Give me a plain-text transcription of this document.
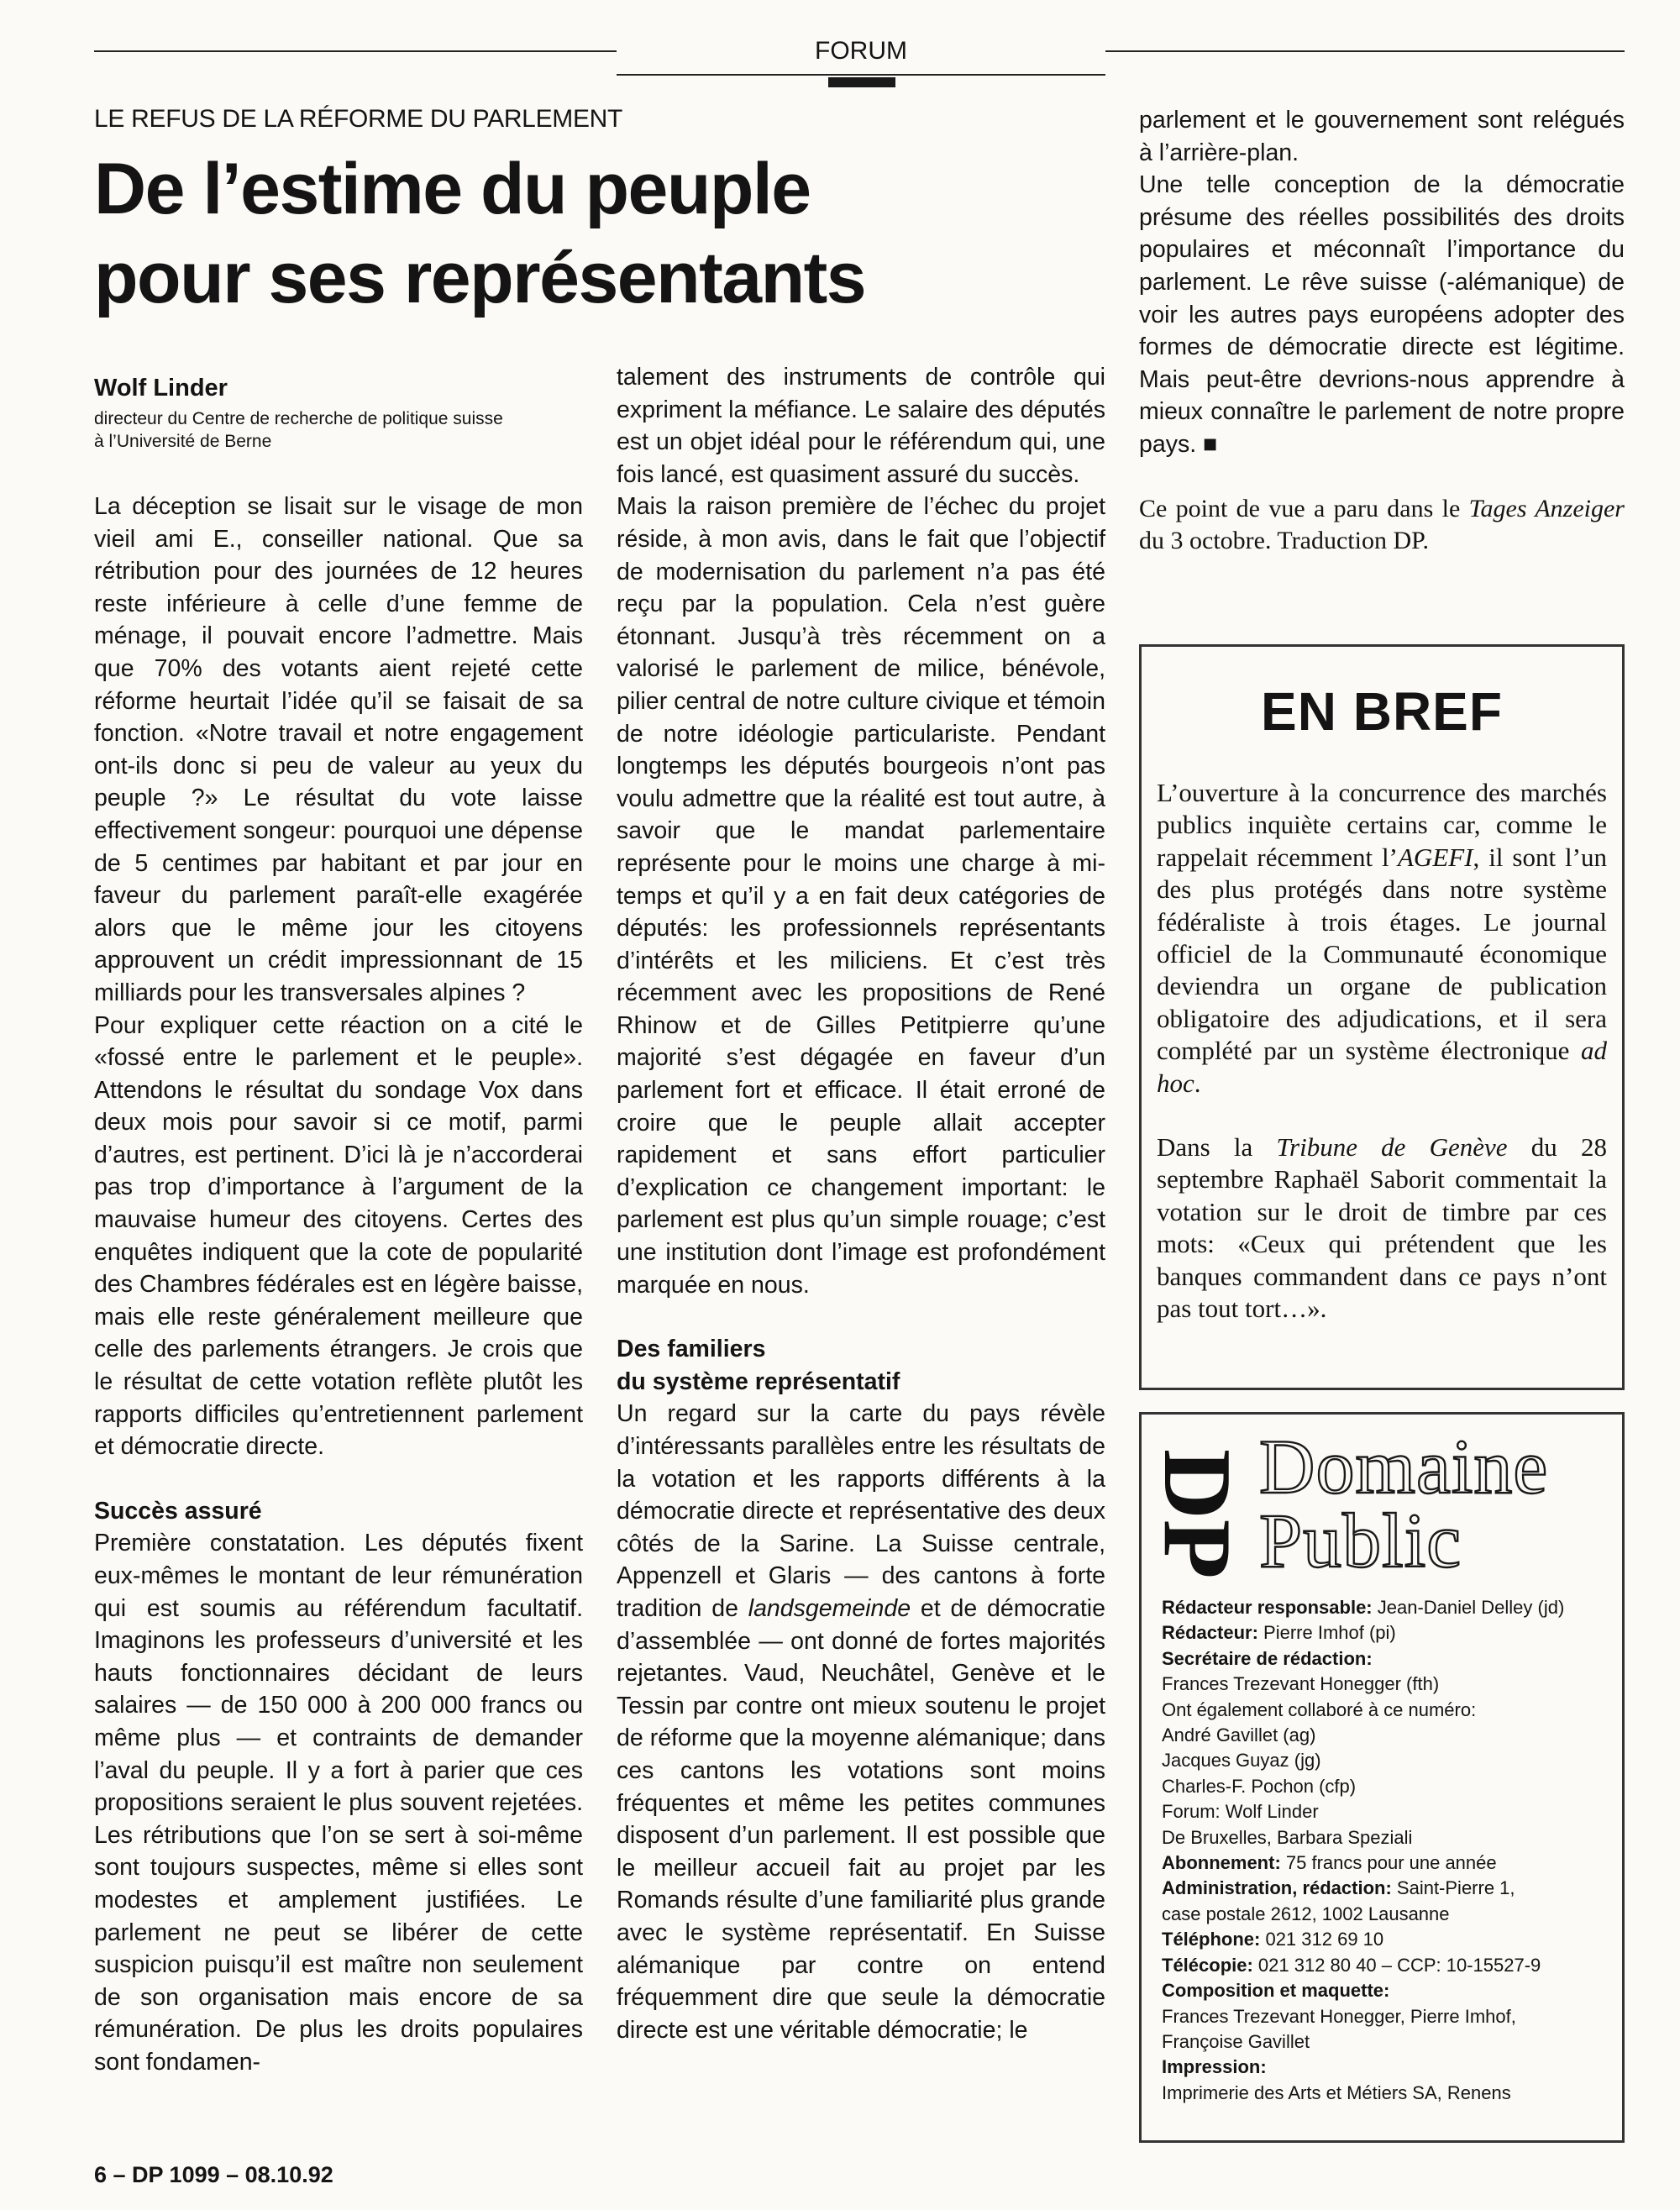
FORUM
LE REFUS DE LA RÉFORME DU PARLEMENT
De l’estime du peuple
pour ses représentants
Wolf Linder
directeur du Centre de recherche de politique suisse
à l’Université de Berne

La déception se lisait sur le visage de mon vieil ami E., conseiller national. Que sa rétribution pour des journées de 12 heures reste inférieure à celle d’une femme de ménage, il pouvait encore l’admettre. Mais que 70% des votants aient rejeté cette réforme heurtait l’idée qu’il se faisait de sa fonction. «Notre travail et notre engagement ont-ils donc si peu de valeur au yeux du peuple ?» Le résultat du vote laisse effectivement songeur: pourquoi une dépense de 5 centimes par habitant et par jour en faveur du parlement paraît-elle exagérée alors que le même jour les citoyens approuvent un crédit impressionnant de 15 milliards pour les transversales alpines ?

Pour expliquer cette réaction on a cité le «fossé entre le parlement et le peuple». Attendons le résultat du sondage Vox dans deux mois pour savoir si ce motif, parmi d’autres, est pertinent. D’ici là je n’accorderai pas trop d’importance à l’argument de la mauvaise humeur des citoyens. Certes des enquêtes indiquent que la cote de popularité des Chambres fédérales est en légère baisse, mais elle reste généralement meilleure que celle des parlements étrangers. Je crois que le résultat de cette votation reflète plutôt les rapports difficiles qu’entretiennent parlement et démocratie directe.

Succès assuré

Première constatation. Les députés fixent eux-mêmes le montant de leur rémunération qui est soumis au référendum facultatif. Imaginons les professeurs d’université et les hauts fonctionnaires décidant de leurs salaires — de 150 000 à 200 000 francs ou même plus — et contraints de demander l’aval du peuple. Il y a fort à parier que ces propositions seraient le plus souvent rejetées. Les rétributions que l’on se sert à soi-même sont toujours suspectes, même si elles sont modestes et amplement justifiées. Le parlement ne peut se libérer de cette suspicion puisqu’il est maître non seulement de son organisation mais encore de sa rémunération. De plus les droits populaires sont fondamen-

talement des instruments de contrôle qui expriment la méfiance. Le salaire des députés est un objet idéal pour le référendum qui, une fois lancé, est quasiment assuré du succès.

Mais la raison première de l’échec du projet réside, à mon avis, dans le fait que l’objectif de modernisation du parlement n’a pas été reçu par la population. Cela n’est guère étonnant. Jusqu’à très récemment on a valorisé le parlement de milice, bénévole, pilier central de notre culture civique et témoin de notre idéologie particulariste. Pendant longtemps les députés bourgeois n’ont pas voulu admettre que la réalité est tout autre, à savoir que le mandat parlementaire représente pour le moins une charge à mi-temps et qu’il y a en fait deux catégories de députés: les professionnels représentants d’intérêts et les miliciens. Et c’est très récemment avec les propositions de René Rhinow et de Gilles Petitpierre qu’une majorité s’est dégagée en faveur d’un parlement fort et efficace. Il était erroné de croire que le peuple allait accepter rapidement et sans effort particulier d’explication ce changement important: le parlement est plus qu’un simple rouage; c’est une institution dont l’image est profondément marquée en nous.

Des familiers
du système représentatif

Un regard sur la carte du pays révèle d’intéressants parallèles entre les résultats de la votation et les rapports différents à la démocratie directe et représentative des deux côtés de la Sarine. La Suisse centrale, Appenzell et Glaris — des cantons à forte tradition de landsgemeinde et de démocratie d’assemblée — ont donné de fortes majorités rejetantes. Vaud, Neuchâtel, Genève et le Tessin par contre ont mieux soutenu le projet de réforme que la moyenne alémanique; dans ces cantons les votations sont moins fréquentes et même les petites communes disposent d’un parlement. Il est possible que le meilleur accueil fait au projet par les Romands résulte d’une familiarité plus grande avec le système représentatif. En Suisse alémanique par contre on entend fréquemment dire que seule la démocratie directe est une véritable démocratie; le

parlement et le gouvernement sont relégués à l’arrière-plan.

Une telle conception de la démocratie présume des réelles possibilités des droits populaires et méconnaît l’importance du parlement. Le rêve suisse (-alémanique) de voir les autres pays européens adopter des formes de démocratie directe est légitime. Mais peut-être devrions-nous apprendre à mieux connaître le parlement de notre propre pays. ■

Ce point de vue a paru dans le Tages Anzeiger du 3 octobre. Traduction DP.

EN BREF

L’ouverture à la concurrence des marchés publics inquiète certains car, comme le rappelait récemment l’AGEFI, il sont l’un des plus protégés dans notre système fédéraliste à trois étages. Le journal officiel de la Communauté économique deviendra un organe de publication obligatoire des adjudications, et il sera complété par un système électronique ad hoc.

Dans la Tribune de Genève du 28 septembre Raphaël Saborit commentait la votation sur le droit de timbre par ces mots: «Ceux qui prétendent que les banques commandent dans ce pays n’ont pas tout tort…».

DP Domaine
Public
Rédacteur responsable: Jean-Daniel Delley (jd)
Rédacteur: Pierre Imhof (pi)
Secrétaire de rédaction:
Frances Trezevant Honegger (fth)
Ont également collaboré à ce numéro:
André Gavillet (ag)
Jacques Guyaz (jg)
Charles-F. Pochon (cfp)
Forum: Wolf Linder
De Bruxelles, Barbara Speziali
Abonnement: 75 francs pour une année
Administration, rédaction: Saint-Pierre 1,
case postale 2612, 1002 Lausanne
Téléphone: 021 312 69 10
Télécopie: 021 312 80 40 – CCP: 10-15527-9
Composition et maquette:
Frances Trezevant Honegger, Pierre Imhof,
Françoise Gavillet
Impression:
Imprimerie des Arts et Métiers SA, Renens
6 – DP 1099 – 08.10.92
